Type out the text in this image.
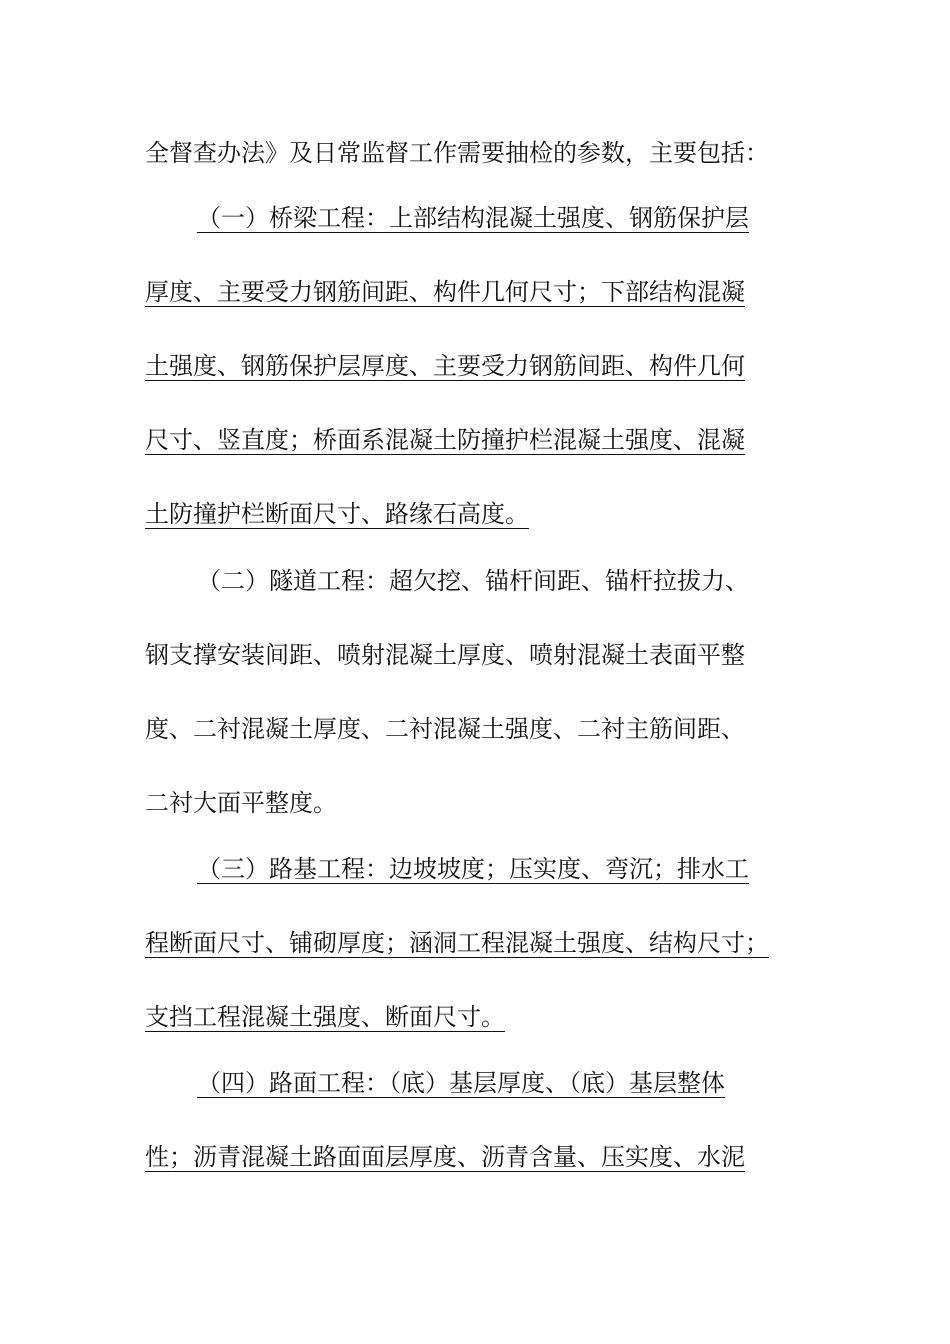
全督查办法》及日常监督工作需要抽检的参数，主要包括：
（一）桥梁工程：上部结构混凝土强度、钢筋保护层
厚度、主要受力钢筋间距、构件几何尺寸；下部结构混凝
土强度、钢筋保护层厚度、主要受力钢筋间距、构件几何
尺寸、竖直度；桥面系混凝土防撞护栏混凝土强度、混凝
土防撞护栏断面尺寸、路缘石高度。
（二）隧道工程：超欠挖、锚杆间距、锚杆拉拔力、
钢支撑安装间距、喷射混凝土厚度、喷射混凝土表面平整
度、二衬混凝土厚度、二衬混凝土强度、二衬主筋间距、
二衬大面平整度。
（三）路基工程：边坡坡度；压实度、弯沉；排水工
程断面尺寸、铺砌厚度；涵洞工程混凝土强度、结构尺寸；
支挡工程混凝土强度、断面尺寸。
（四）路面工程：（底）基层厚度、（底）基层整体
性；沥青混凝土路面面层厚度、沥青含量、压实度、水泥
